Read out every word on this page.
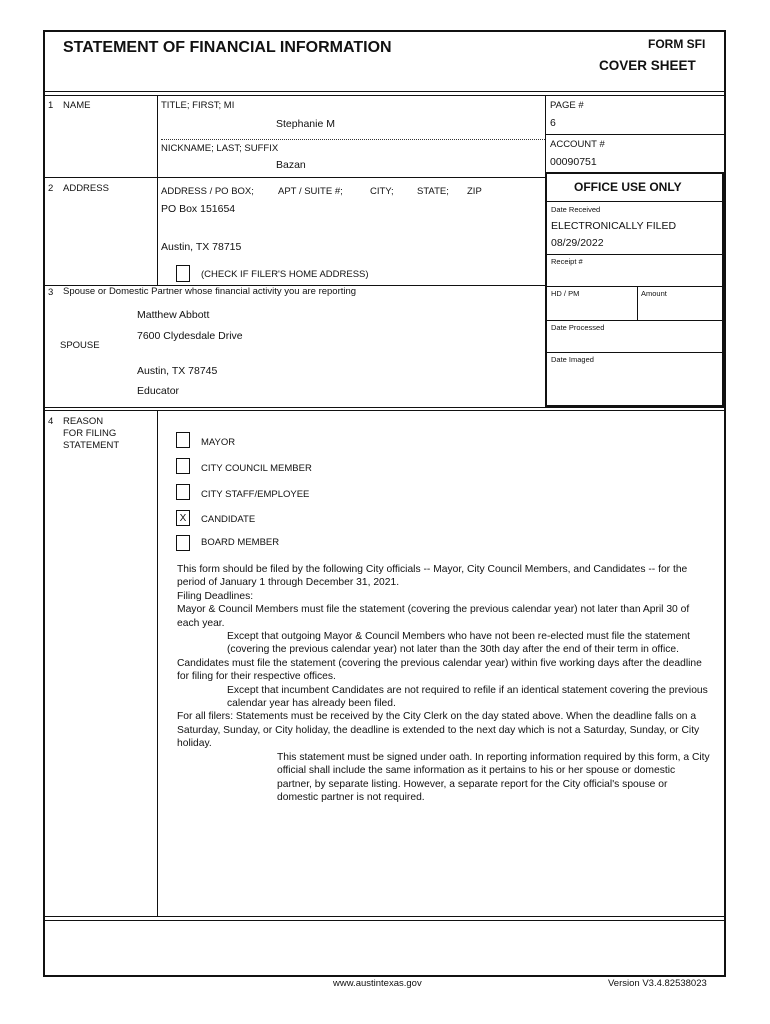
STATEMENT OF FINANCIAL INFORMATION	FORM SFI
COVER SHEET
1 NAME	TITLE; FIRST; MI
Stephanie M
NICKNAME; LAST; SUFFIX
Bazan
PAGE #
6
ACCOUNT #
00090751
2 ADDRESS	ADDRESS / PO BOX;	APT / SUITE #;	CITY; STATE; ZIP
PO Box 151654
Austin, TX 78715
(CHECK IF FILER'S HOME ADDRESS)
3 Spouse or Domestic Partner whose financial activity you are reporting
SPOUSE
Matthew Abbott
7600 Clydesdale Drive
Austin, TX 78745
Educator
OFFICE USE ONLY
Date Received
ELECTRONICALLY FILED
08/29/2022
Receipt #
HD / PM	Amount
Date Processed
Date Imaged
4 REASON
FOR FILING
STATEMENT	MAYOR
CITY COUNCIL MEMBER
CITY STAFF/EMPLOYEE
X	CANDIDATE
BOARD MEMBER

This form should be filed by the following City officials -- Mayor, City Council Members, and Candidates -- for the period of January 1 through December 31, 2021.

Filing Deadlines:

Mayor & Council Members must file the statement (covering the previous calendar year) not later than April 30 of each year.

Except that outgoing Mayor & Council Members who have not been re-elected must file the statement (covering the previous calendar year) not later than the 30th day after the end of their term in office.

Candidates must file the statement (covering the previous calendar year) within five working days after the deadline for filing for their respective offices.

Except that incumbent Candidates are not required to refile if an identical statement covering the previous calendar year has already been filed.

For all filers: Statements must be received by the City Clerk on the day stated above. When the deadline falls on a Saturday, Sunday, or City holiday, the deadline is extended to the next day which is not a Saturday, Sunday, or City holiday.

This statement must be signed under oath. In reporting information required by this form, a City official shall include the same information as it pertains to his or her spouse or domestic partner, by separate listing. However, a separate report for the City official's spouse or domestic partner is not required.

www.austintexas.gov	Version V3.4.82538023
